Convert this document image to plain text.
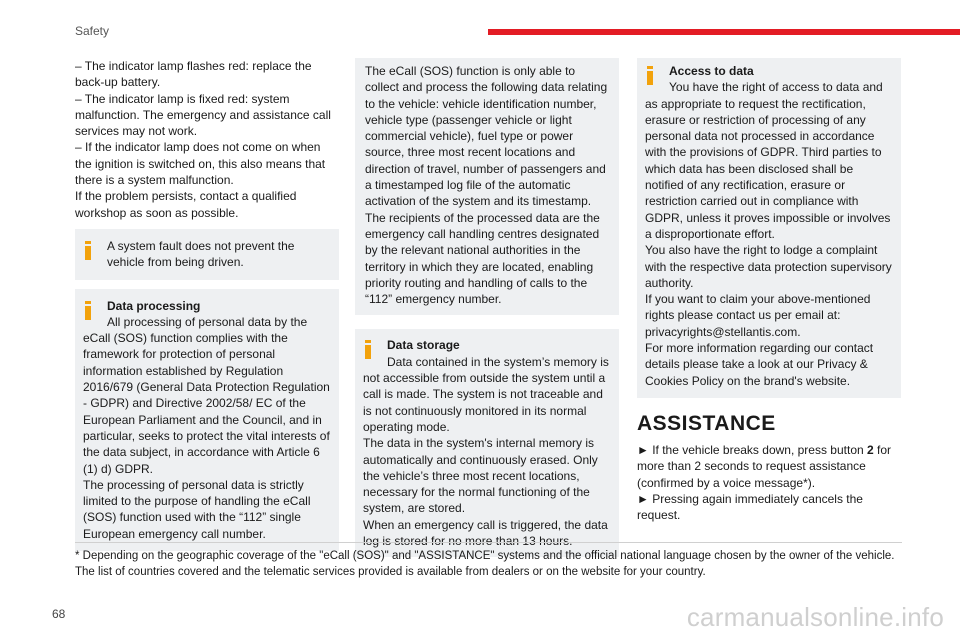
Safety

– The indicator lamp flashes red: replace the back-up battery.

– The indicator lamp is fixed red: system malfunction. The emergency and assistance call services may not work.

– If the indicator lamp does not come on when the ignition is switched on, this also means that there is a system malfunction.

If the problem persists, contact a qualified workshop as soon as possible.

A system fault does not prevent the vehicle from being driven.
Data processing
All processing of personal data by the eCall (SOS) function complies with the framework for protection of personal information established by Regulation 2016/679 (General Data Protection Regulation - GDPR) and Directive 2002/58/ EC of the European Parliament and the Council, and in particular, seeks to protect the vital interests of the data subject, in accordance with Article 6 (1) d) GDPR.
The processing of personal data is strictly limited to the purpose of handling the eCall (SOS) function used with the “112” single European emergency call number.
The eCall (SOS) function is only able to collect and process the following data relating to the vehicle: vehicle identification number, vehicle type (passenger vehicle or light commercial vehicle), fuel type or power source, three most recent locations and direction of travel, number of passengers and a timestamped log file of the automatic activation of the system and its timestamp.
The recipients of the processed data are the emergency call handling centres designated by the relevant national authorities in the territory in which they are located, enabling priority routing and handling of calls to the “112” emergency number.
Data storage
Data contained in the system’s memory is not accessible from outside the system until a call is made. The system is not traceable and is not continuously monitored in its normal operating mode.
The data in the system's internal memory is automatically and continuously erased. Only the vehicle’s three most recent locations, necessary for the normal functioning of the system, are stored.
When an emergency call is triggered, the data
Access to data
You have the right of access to data and as appropriate to request the rectification, erasure or restriction of processing of any personal data not processed in accordance with the provisions of GDPR. Third parties to which data has been disclosed shall be notified of any rectification, erasure or restriction carried out in compliance with GDPR, unless it proves impossible or involves a disproportionate effort.
You also have the right to lodge a complaint with the respective data protection supervisory authority.
If you want to claim your above-mentioned rights please contact us per email at: privacyrights@stellantis.com.
For more information regarding our contact details please take a look at our Privacy & Cookies Policy on the brand's website.
ASSISTANCE

► If the vehicle breaks down, press button 2 for more than 2 seconds to request assistance (confirmed by a voice message*).

► Pressing again immediately cancels the request.

* Depending on the geographic coverage of the "eCall (SOS)" and "ASSISTANCE" systems and the official national language chosen by the owner of the vehicle.

The list of countries covered and the telematic services provided is available from dealers or on the website for your country.

68	carmanualsonline.info
